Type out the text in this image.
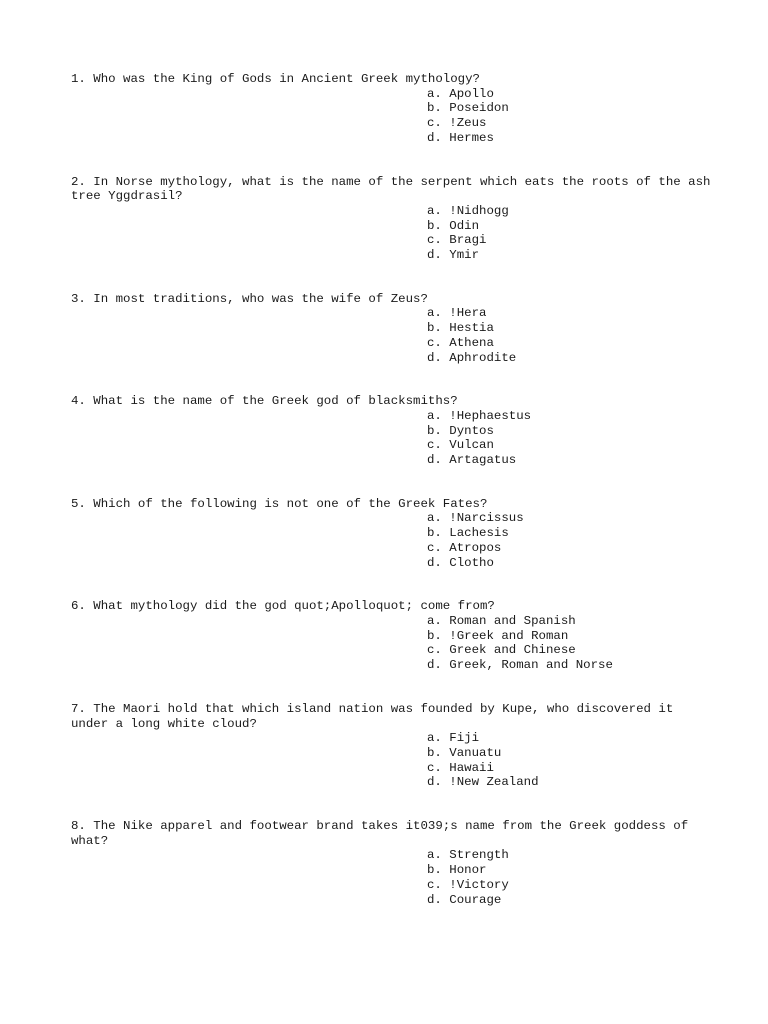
1. Who was the King of Gods in Ancient Greek mythology?

a. Apollo
b. Poseidon
c. !Zeus
d. Hermes

2. In Norse mythology, what is the name of the serpent which eats the roots of the ash tree Yggdrasil?

a. !Nidhogg
b. Odin
c. Bragi
d. Ymir

3. In most traditions, who was the wife of Zeus?

a. !Hera
b. Hestia
c. Athena
d. Aphrodite

4. What is the name of the Greek god of blacksmiths?

a. !Hephaestus
b. Dyntos
c. Vulcan
d. Artagatus

5. Which of the following is not one of the Greek Fates?

a. !Narcissus
b. Lachesis
c. Atropos
d. Clotho

6. What mythology did the god quot;Apolloquot; come from?

a. Roman and Spanish
b. !Greek and Roman
c. Greek and Chinese
d. Greek, Roman and Norse

7. The Maori hold that which island nation was founded by Kupe, who discovered it under a long white cloud?

a. Fiji
b. Vanuatu
c. Hawaii
d. !New Zealand

8. The Nike apparel and footwear brand takes it039;s name from the Greek goddess of what?

a. Strength
b. Honor
c. !Victory
d. Courage
